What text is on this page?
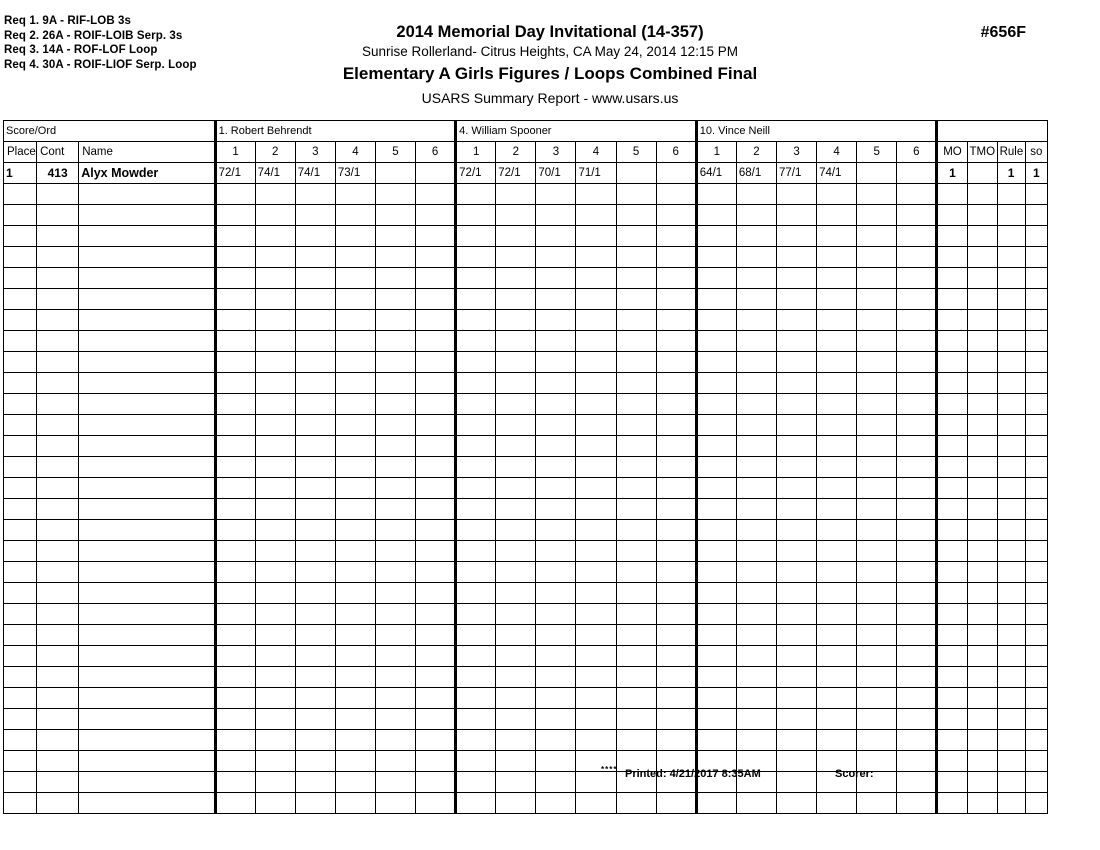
Req 1. 9A - RIF-LOB 3s
Req 2. 26A - ROIF-LOIB Serp. 3s
Req 3. 14A - ROF-LOF Loop
Req 4. 30A - ROIF-LIOF Serp. Loop
2014 Memorial Day Invitational (14-357)
Sunrise Rollerland- Citrus Heights, CA May 24, 2014 12:15 PM
Elementary A Girls Figures / Loops Combined Final
USARS Summary Report - www.usars.us
#656F
Score/Ord			1. Robert Behrendt						4. William Spooner						10. Vince Neill									
Place	Cont	Name	1	2	3	4	5	6	1	2	3	4	5	6	1	2	3	4	5	6	MO	TMO	Rule	so
1	413	Alyx Mowder	72/1	74/1	74/1	73/1			72/1	72/1	70/1	71/1			64/1	68/1	77/1	74/1			1		1	1

**** Printed: 4/21/2017 8:35AM	Scorer:
